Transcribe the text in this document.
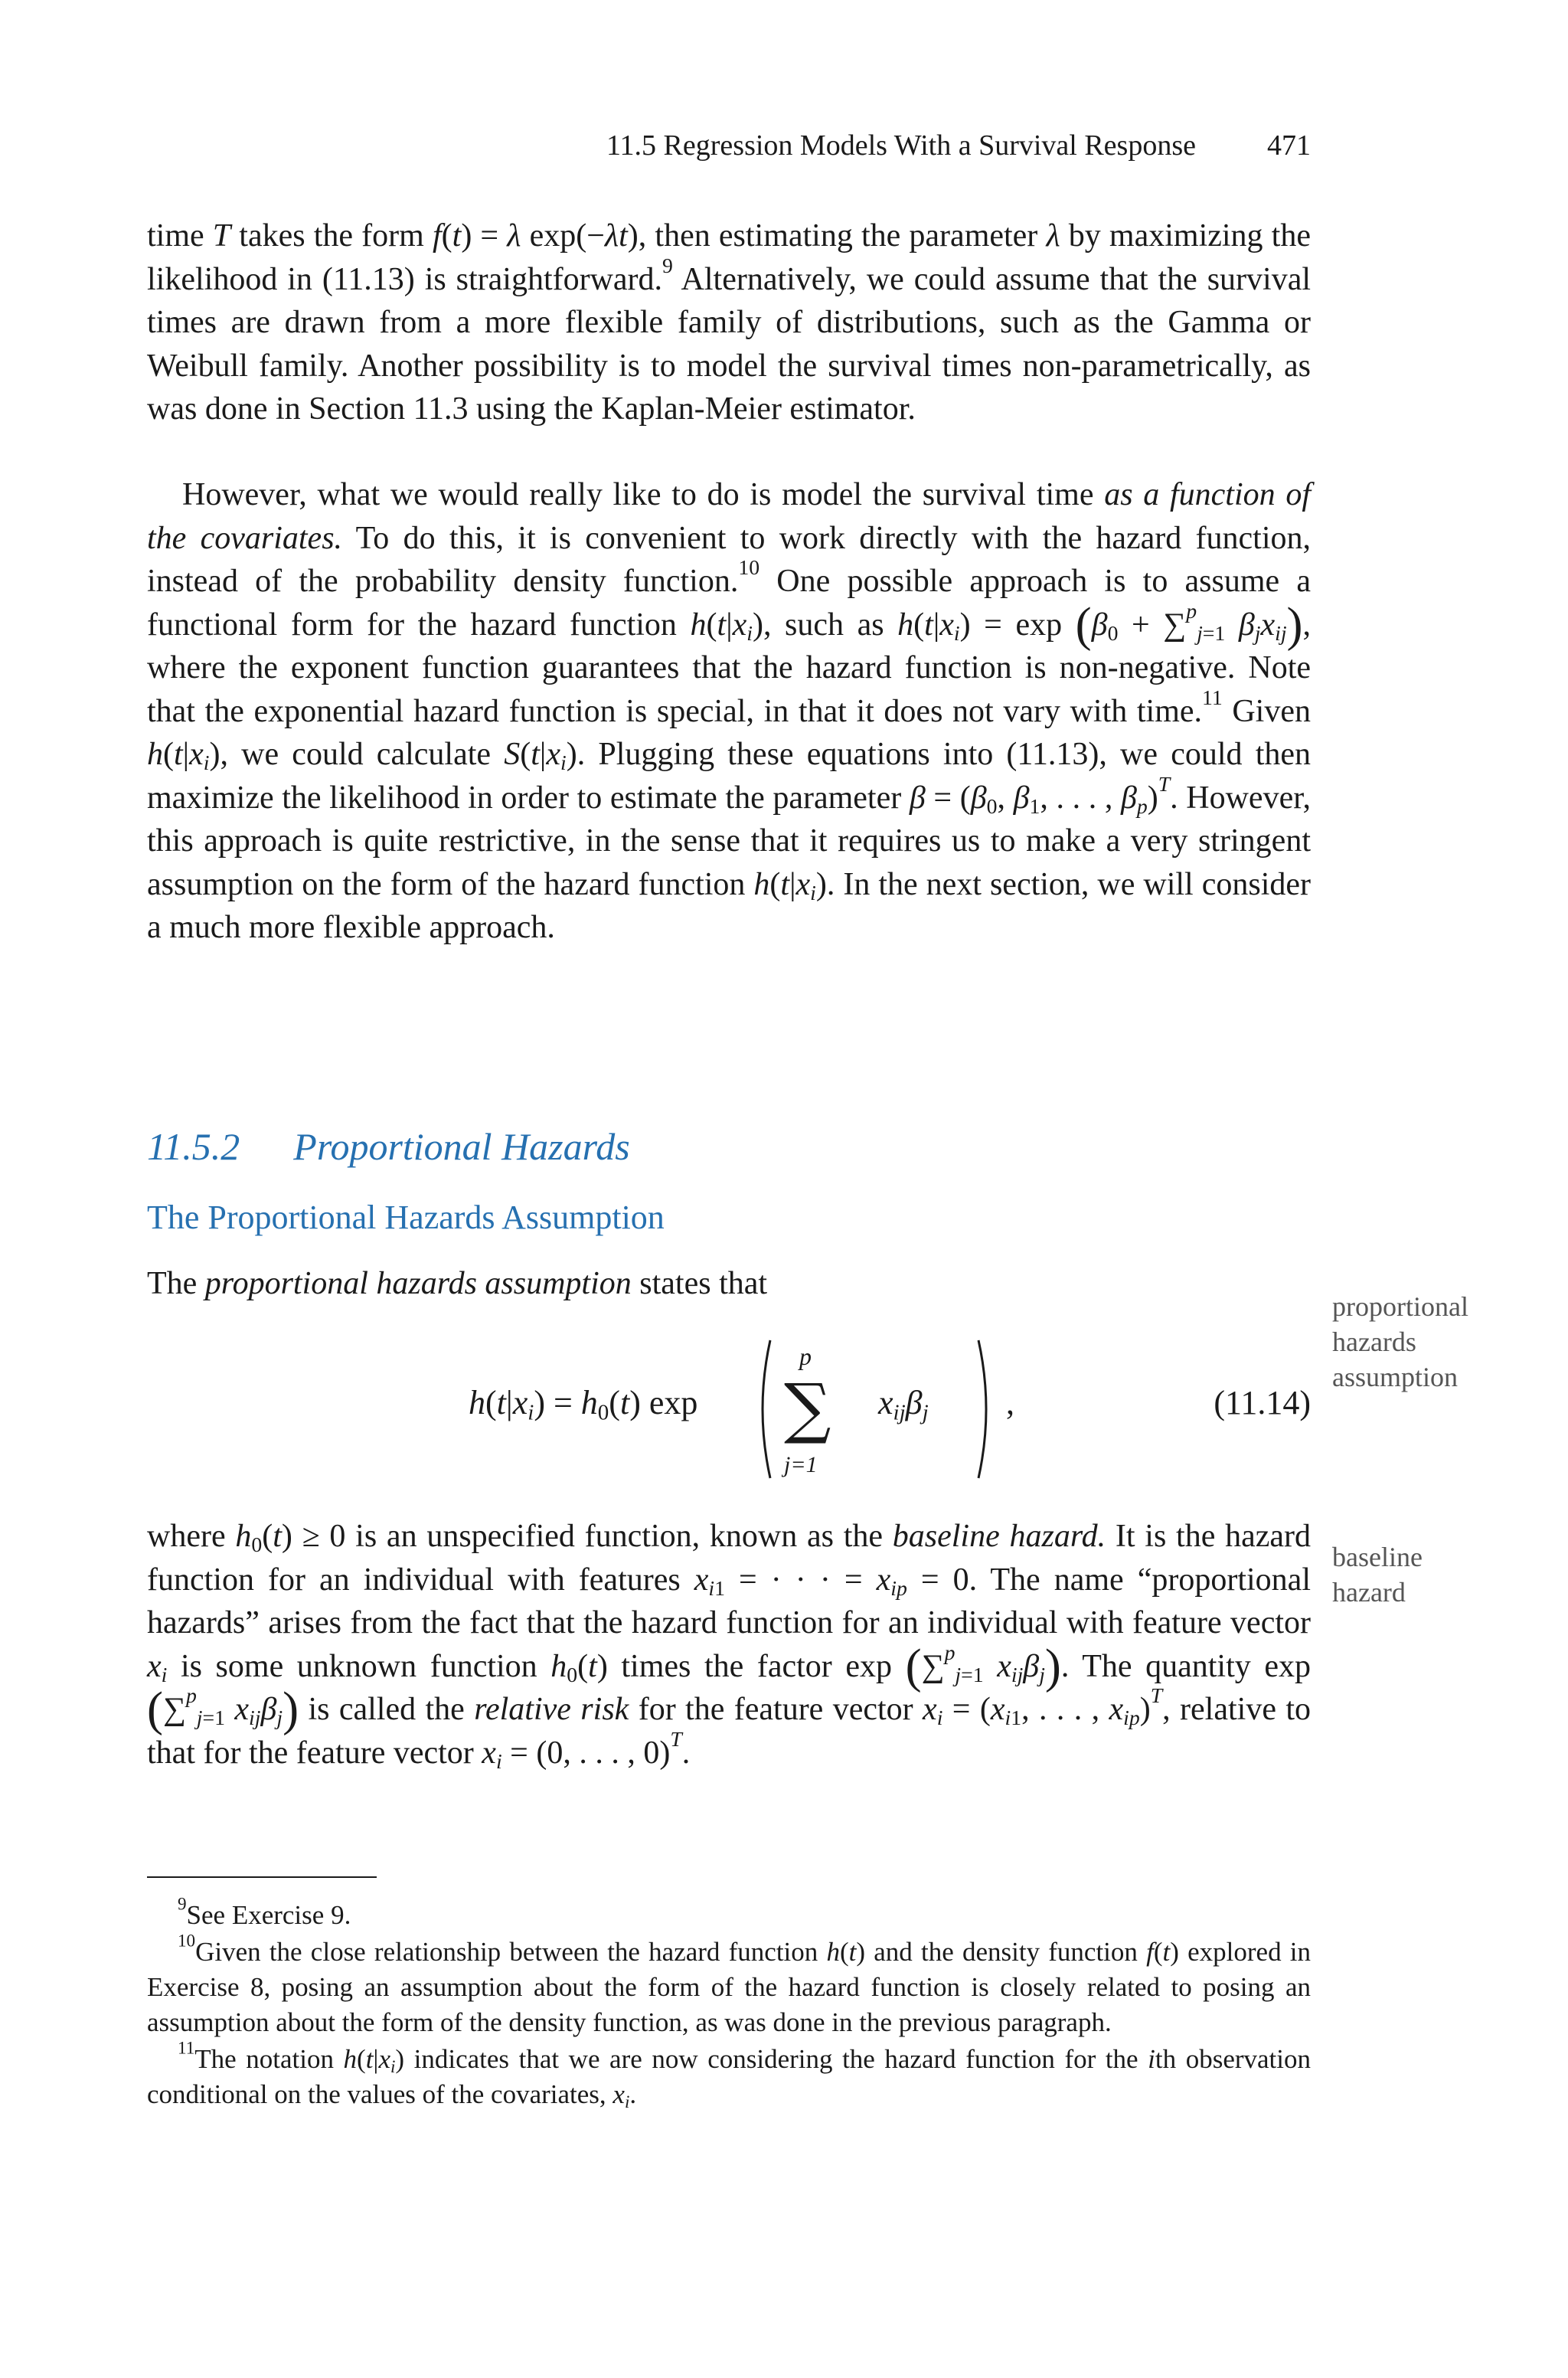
11.5 Regression Models With a Survival Response 471
time T takes the form f(t) = λ exp(−λt), then estimating the parameter λ by maximizing the likelihood in (11.13) is straightforward.$^9$ Alternatively, we could assume that the survival times are drawn from a more flexible family of distributions, such as the Gamma or Weibull family. Another possibility is to model the survival times non-parametrically, as was done in Section 11.3 using the Kaplan-Meier estimator.
However, what we would really like to do is model the survival time as a function of the covariates. To do this, it is convenient to work directly with the hazard function, instead of the probability density function.$^{10}$ One possible approach is to assume a functional form for the hazard function $h(t|x_i)$, such as $h(t|x_i) = \exp (\beta_0 + \sum^p_{j=1}$ $\beta_jx_{ij}$), where the exponent function guarantees that the hazard function is non-negative. Note that the exponential hazard function is special, in that it does not vary with time.$^{11}$ Given $h(t|x_i)$, we could calculate $S(t|x_i)$. Plugging these equations into (11.13), we could then maximize the likelihood in order to estimate the parameter $\beta = (\beta_0$, $\beta_1$, . . . , $\beta_p)^T$. However, this approach is quite restrictive, in the sense that it requires us to make a very stringent assumption on the form of the hazard function $h(t|x_i)$. In the next section, we will consider a much more flexible approach.
11.5.2 Proportional Hazards
The Proportional Hazards Assumption
The proportional hazards assumption states that
proportional
hazards
assumption
$h(t|x_i) = h_0(t)$ exp
p
∑
j=1
$x_{ij}\beta_j$ ,	(11.14)
where $h_0(t) \ge 0$ is an unspecified function, known as the baseline hazard. It is the hazard function for an individual with features $x_{i1}$ = · · · = $x_{ip} = 0$. The name “proportional hazards” arises from the fact that the hazard function for an individual with feature vector $x_i$ is some unknown function $h_0(t)$ times the factor exp (∑$^p_{j=1}$ $x_{ij}\beta_j$). The quantity exp (∑$^p_{j=1}$ $x_{ij}\beta_j$) is called the relative risk for the feature vector $x_i = (x_{i1}$, . . . , $x_{ip})^T$, relative to that for the feature vector $x_i = (0$, . . . , 0)$^T$.
baseline
hazard
$^9$See Exercise 9.
$^{10}$Given the close relationship between the hazard function h(t) and the density function f(t) explored in Exercise 8, posing an assumption about the form of the hazard function is closely related to posing an assumption about the form of the density function, as was done in the previous paragraph.
$^{11}$The notation $h(t|x_i)$ indicates that we are now considering the hazard function for the ith observation conditional on the values of the covariates, $x_i$.
